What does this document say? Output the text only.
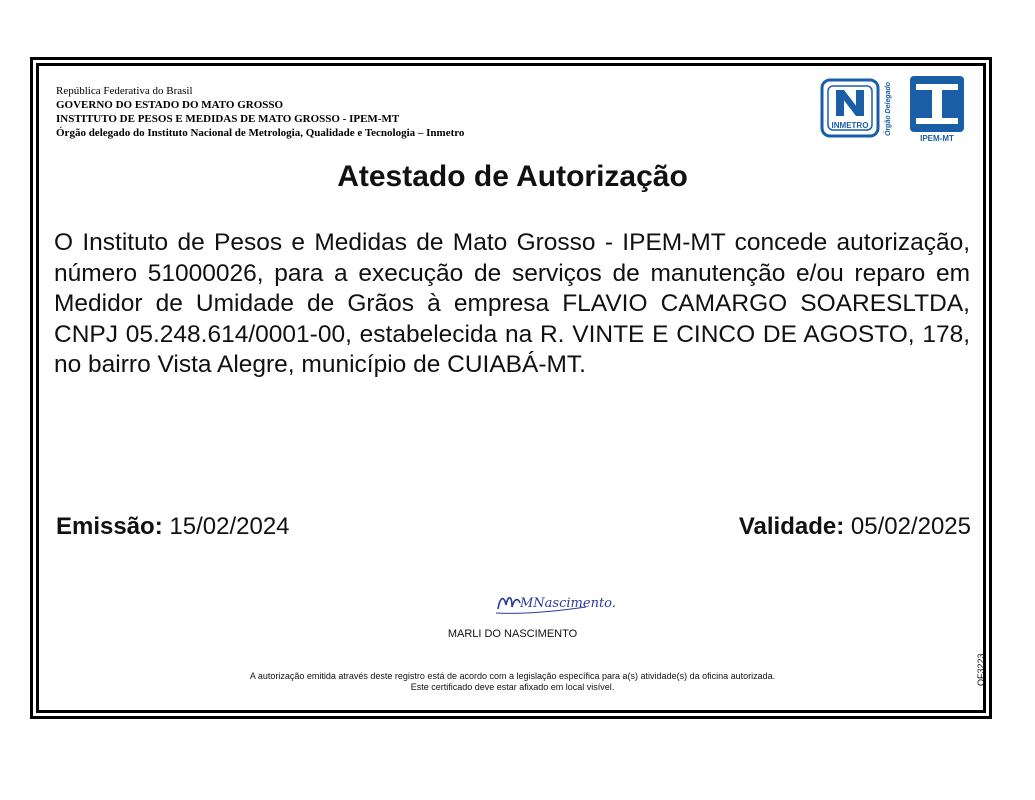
República Federativa do Brasil
GOVERNO DO ESTADO DO MATO GROSSO
INSTITUTO DE PESOS E MEDIDAS DE MATO GROSSO - IPEM-MT
Órgão delegado do Instituto Nacional de Metrologia, Qualidade e Tecnologia – Inmetro
INMETRO Órgão Delegado
IPEM-MT
Atestado de Autorização
O Instituto de Pesos e Medidas de Mato Grosso - IPEM-MT concede autorização, número 51000026, para a execução de serviços de manutenção e/ou reparo em Medidor de Umidade de Grãos à empresa FLAVIO CAMARGO SOARESLTDA, CNPJ 05.248.614/0001-00, estabelecida na R. VINTE E CINCO DE AGOSTO, 178, no bairro Vista Alegre, município de CUIABÁ-MT.
Emissão: 15/02/2024	Validade: 05/02/2025
MNascimento.
MARLI DO NASCIMENTO
A autorização emitida através deste registro está de acordo com a legislação específica para a(s) atividade(s) da oficina autorizada.
Este certificado deve estar afixado em local visível.
OF3223
